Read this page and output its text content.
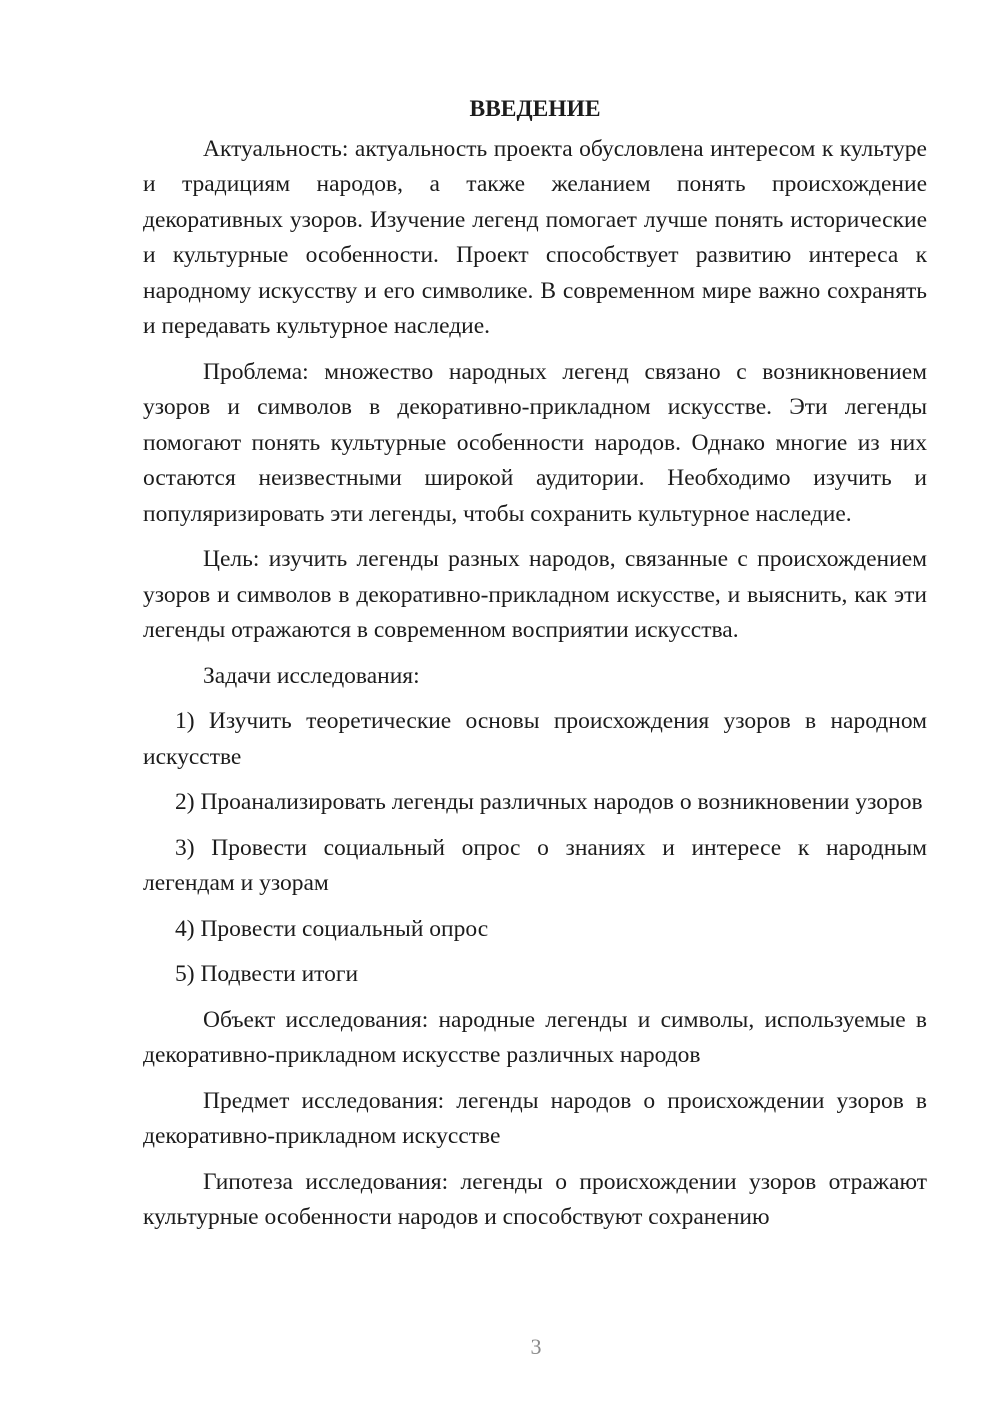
ВВЕДЕНИЕ

Актуальность: актуальность проекта обусловлена интересом к культуре и традициям народов, а также желанием понять происхождение декоративных узоров. Изучение легенд помогает лучше понять исторические и культурные особенности. Проект способствует развитию интереса к народному искусству и его символике. В современном мире важно сохранять и передавать культурное наследие.

Проблема: множество народных легенд связано с возникновением узоров и символов в декоративно-прикладном искусстве. Эти легенды помогают понять культурные особенности народов. Однако многие из них остаются неизвестными широкой аудитории. Необходимо изучить и популяризировать эти легенды, чтобы сохранить культурное наследие.

Цель: изучить легенды разных народов, связанные с происхождением узоров и символов в декоративно-прикладном искусстве, и выяснить, как эти легенды отражаются в современном восприятии искусства.

Задачи исследования:

1) Изучить теоретические основы происхождения узоров в народном искусстве

2) Проанализировать легенды различных народов о возникновении узоров

3) Провести социальный опрос о знаниях и интересе к народным легендам и узорам

4) Провести социальный опрос

5) Подвести итоги

Объект исследования: народные легенды и символы, используемые в декоративно-прикладном искусстве различных народов

Предмет исследования: легенды народов о происхождении узоров в декоративно-прикладном искусстве

Гипотеза исследования: легенды о происхождении узоров отражают культурные особенности народов и способствуют сохранению

3
